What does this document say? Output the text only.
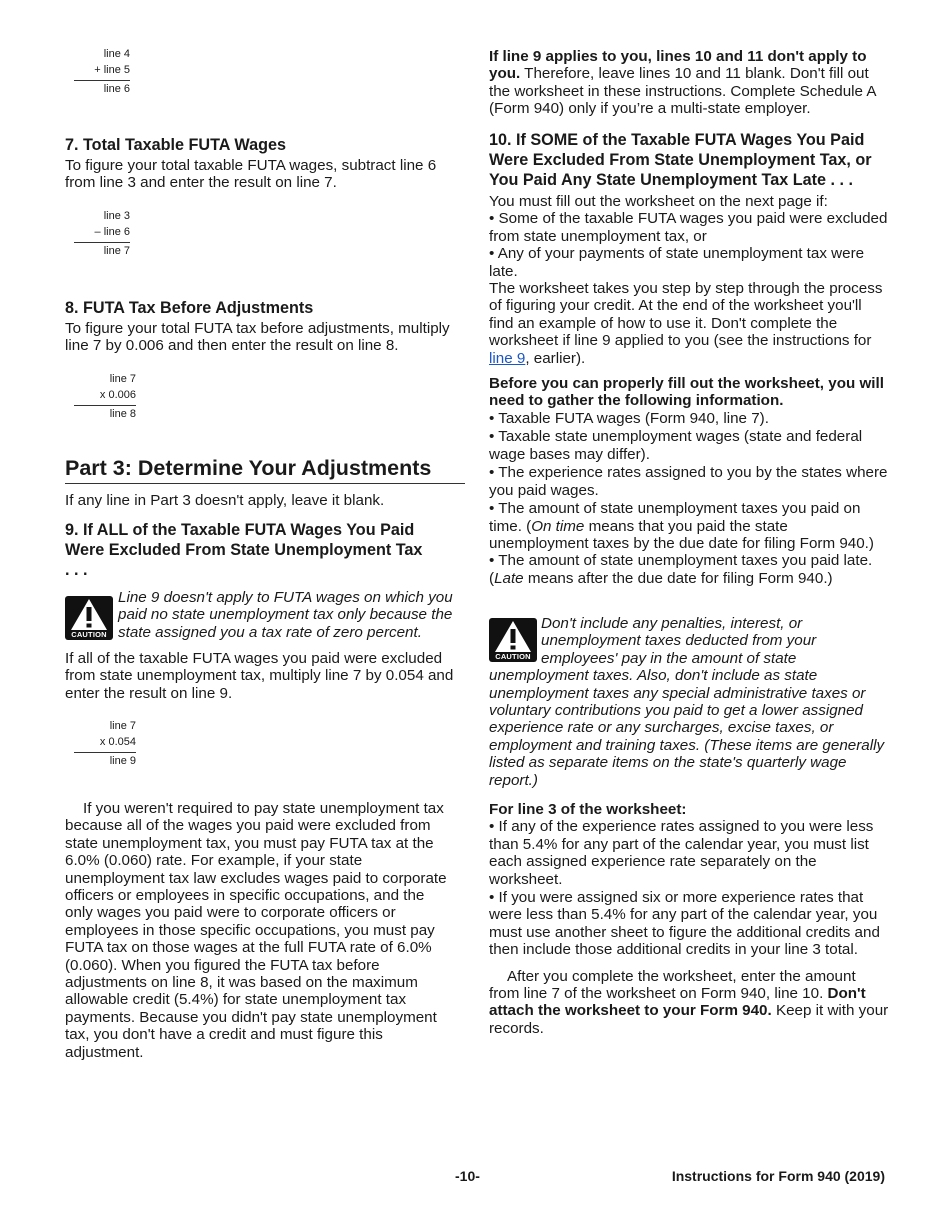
line 4
+ line 5
line 6
7. Total Taxable FUTA Wages

To figure your total taxable FUTA wages, subtract line 6 from line 3 and enter the result on line 7.

line 3
– line 6
line 7
8. FUTA Tax Before Adjustments

To figure your total FUTA tax before adjustments, multiply line 7 by 0.006 and then enter the result on line 8.

line 7
x 0.006
line 8
Part 3: Determine Your Adjustments

If any line in Part 3 doesn't apply, leave it blank.

9. If ALL of the Taxable FUTA Wages You Paid Were Excluded From State Unemployment Tax . . .
CAUTION

Line 9 doesn't apply to FUTA wages on which you paid no state unemployment tax only because the state assigned you a tax rate of zero percent.

If all of the taxable FUTA wages you paid were excluded from state unemployment tax, multiply line 7 by 0.054 and enter the result on line 9.

line 7
x 0.054
line 9

If you weren't required to pay state unemployment tax because all of the wages you paid were excluded from state unemployment tax, you must pay FUTA tax at the 6.0% (0.060) rate. For example, if your state unemployment tax law excludes wages paid to corporate officers or employees in specific occupations, and the only wages you paid were to corporate officers or employees in those specific occupations, you must pay FUTA tax on those wages at the full FUTA rate of 6.0% (0.060). When you figured the FUTA tax before adjustments on line 8, it was based on the maximum allowable credit (5.4%) for state unemployment tax payments. Because you didn't pay state unemployment tax, you don't have a credit and must figure this adjustment.

If line 9 applies to you, lines 10 and 11 don't apply to you. Therefore, leave lines 10 and 11 blank. Don't fill out the worksheet in these instructions. Complete Schedule A (Form 940) only if you’re a multi-state employer.

10. If SOME of the Taxable FUTA Wages You Paid Were Excluded From State Unemployment Tax, or You Paid Any State Unemployment Tax Late . . .

You must fill out the worksheet on the next page if:

• Some of the taxable FUTA wages you paid were excluded from state unemployment tax, or

• Any of your payments of state unemployment tax were late.

The worksheet takes you step by step through the process of figuring your credit. At the end of the worksheet you'll find an example of how to use it. Don't complete the worksheet if line 9 applied to you (see the instructions for line 9, earlier).

Before you can properly fill out the worksheet, you will need to gather the following information.

• Taxable FUTA wages (Form 940, line 7).

• Taxable state unemployment wages (state and federal wage bases may differ).

• The experience rates assigned to you by the states where you paid wages.

• The amount of state unemployment taxes you paid on time. (On time means that you paid the state unemployment taxes by the due date for filing Form 940.)

• The amount of state unemployment taxes you paid late. (Late means after the due date for filing Form 940.)

CAUTION

Don't include any penalties, interest, or unemployment taxes deducted from your employees' pay in the amount of state unemployment taxes. Also, don't include as state unemployment taxes any special administrative taxes or voluntary contributions you paid to get a lower assigned experience rate or any surcharges, excise taxes, or employment and training taxes. (These items are generally listed as separate items on the state's quarterly wage report.)

For line 3 of the worksheet:

• If any of the experience rates assigned to you were less than 5.4% for any part of the calendar year, you must list each assigned experience rate separately on the worksheet.

• If you were assigned six or more experience rates that were less than 5.4% for any part of the calendar year, you must use another sheet to figure the additional credits and then include those additional credits in your line 3 total.

After you complete the worksheet, enter the amount from line 7 of the worksheet on Form 940, line 10. Don't attach the worksheet to your Form 940. Keep it with your records.

-10-	Instructions for Form 940 (2019)
